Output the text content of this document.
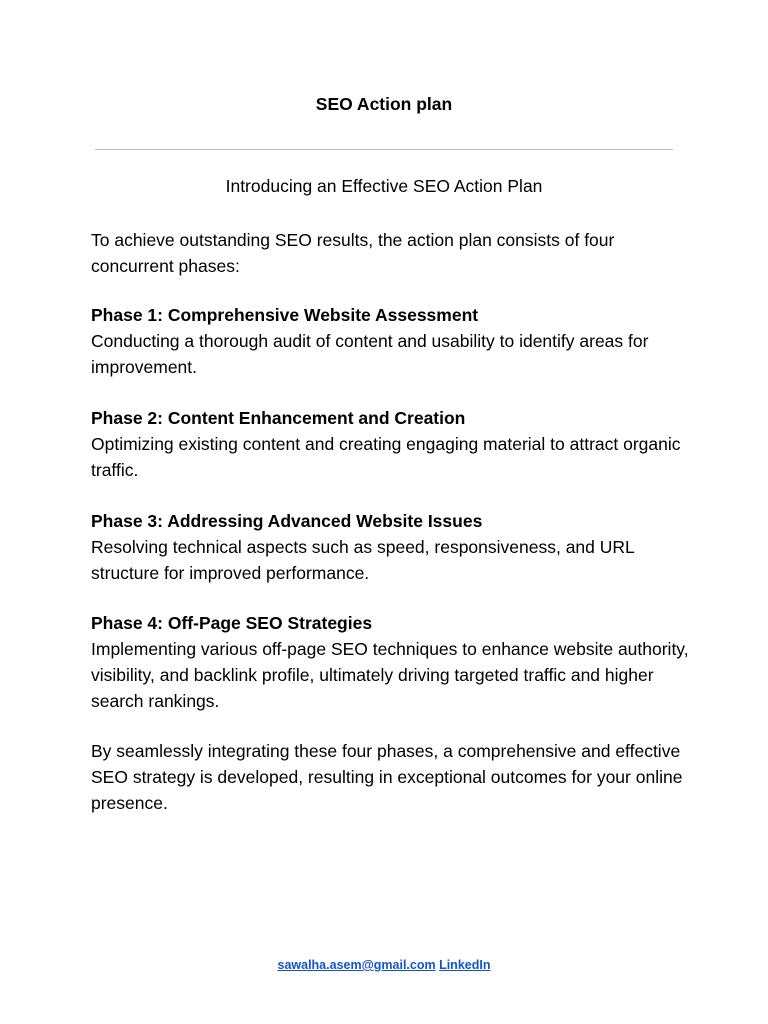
SEO Action plan

Introducing an Effective SEO Action Plan

To achieve outstanding SEO results, the action plan consists of four concurrent phases:

Phase 1: Comprehensive Website Assessment
Conducting a thorough audit of content and usability to identify areas for improvement.
Phase 2: Content Enhancement and Creation
Optimizing existing content and creating engaging material to attract organic traffic.
Phase 3: Addressing Advanced Website Issues
Resolving technical aspects such as speed, responsiveness, and URL structure for improved performance.
Phase 4: Off-Page SEO Strategies
Implementing various off-page SEO techniques to enhance website authority, visibility, and backlink profile, ultimately driving targeted traffic and higher search rankings.

By seamlessly integrating these four phases, a comprehensive and effective SEO strategy is developed, resulting in exceptional outcomes for your online presence.

sawalha.asem@gmail.com LinkedIn
